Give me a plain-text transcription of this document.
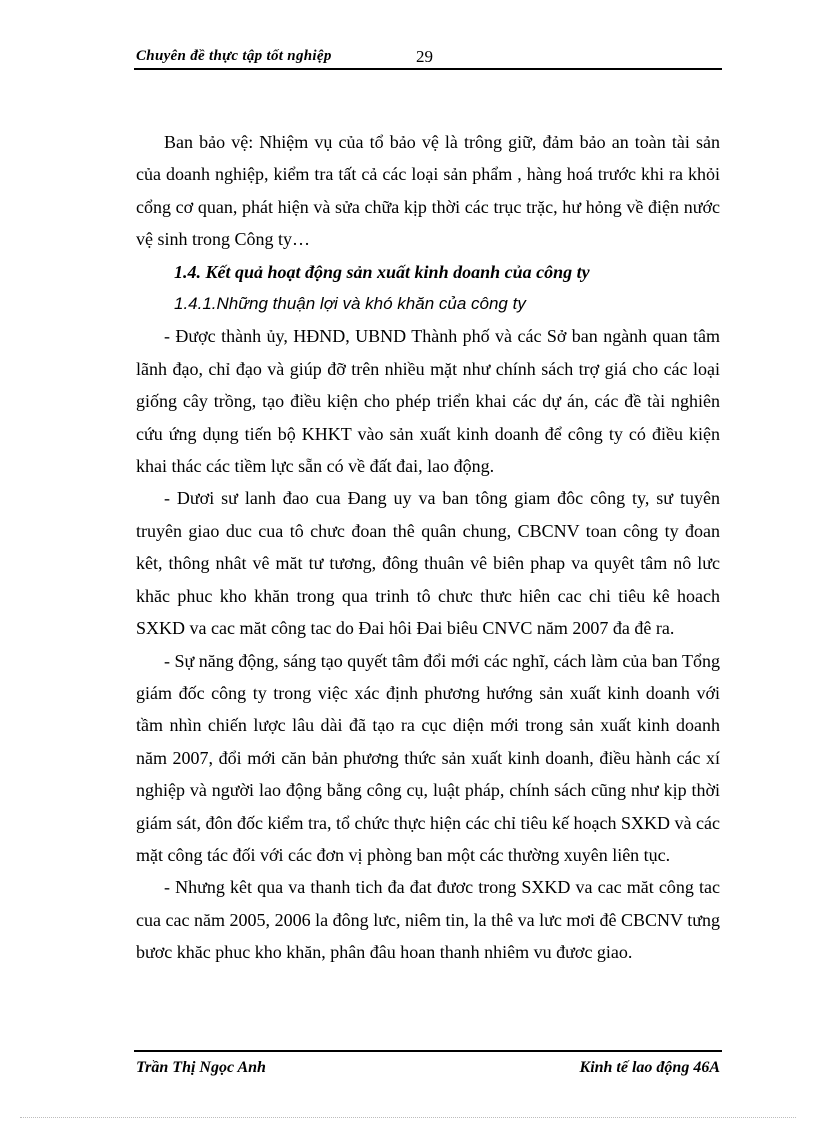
Chuyên đề thực tập tốt nghiệp	29

Ban bảo vệ: Nhiệm vụ của tổ bảo vệ là trông giữ, đảm bảo an toàn tài sản của doanh nghiệp, kiểm tra tất cả các loại sản phẩm , hàng hoá trước khi ra khỏi cổng cơ quan, phát hiện và sửa chữa kịp thời các trục trặc, hư hỏng về điện nước vệ sinh trong Công ty…

1.4. Kết quả hoạt động sản xuất kinh doanh của công ty

1.4.1.Những thuận lợi và khó khăn của công ty

- Được thành ủy, HĐND, UBND Thành phố và các Sở ban ngành quan tâm lãnh đạo, chỉ đạo và giúp đỡ trên nhiều mặt như chính sách trợ giá cho các loại giống cây trồng, tạo điều kiện cho phép triển khai các dự án, các đề tài nghiên cứu ứng dụng tiến bộ KHKT vào sản xuất kinh doanh để công ty có điều kiện khai thác các tiềm lực sẵn có về đất đai, lao động.

- Dươi sư lanh đao cua Đang uy va ban tông giam đôc công ty, sư tuyên truyên giao duc cua tô chưc đoan thê quân chung, CBCNV toan công ty đoan kêt, thông nhât vê măt tư tương, đông thuân vê biên phap va quyêt tâm nô lưc khăc phuc kho khăn trong qua trinh tô chưc thưc hiên cac chi tiêu kê hoach SXKD va cac măt công tac do Đai hôi Đai biêu CNVC năm 2007 đa đê ra.

- Sự năng động, sáng tạo quyết tâm đổi mới các nghĩ, cách làm của ban Tổng giám đốc công ty trong việc xác định phương hướng sản xuất kinh doanh với tầm nhìn chiến lược lâu dài đã tạo ra cục diện mới trong sản xuất kinh doanh năm 2007, đổi mới căn bản phương thức sản xuất kinh doanh, điều hành các xí nghiệp và người lao động bằng công cụ, luật pháp, chính sách cũng như kịp thời giám sát, đôn đốc kiểm tra, tổ chức thực hiện các chỉ tiêu kế hoạch SXKD và các mặt công tác đối với các đơn vị phòng ban một các thường xuyên liên tục.

- Nhưng kêt qua va thanh tich đa đat đươc trong SXKD va cac măt công tac cua cac năm 2005, 2006 la đông lưc, niêm tin, la thê va lưc mơi đê CBCNV tưng bươc khăc phuc kho khăn, phân đâu hoan thanh nhiêm vu đươc giao.

Trần Thị Ngọc Anh	Kinh tế lao động 46A
